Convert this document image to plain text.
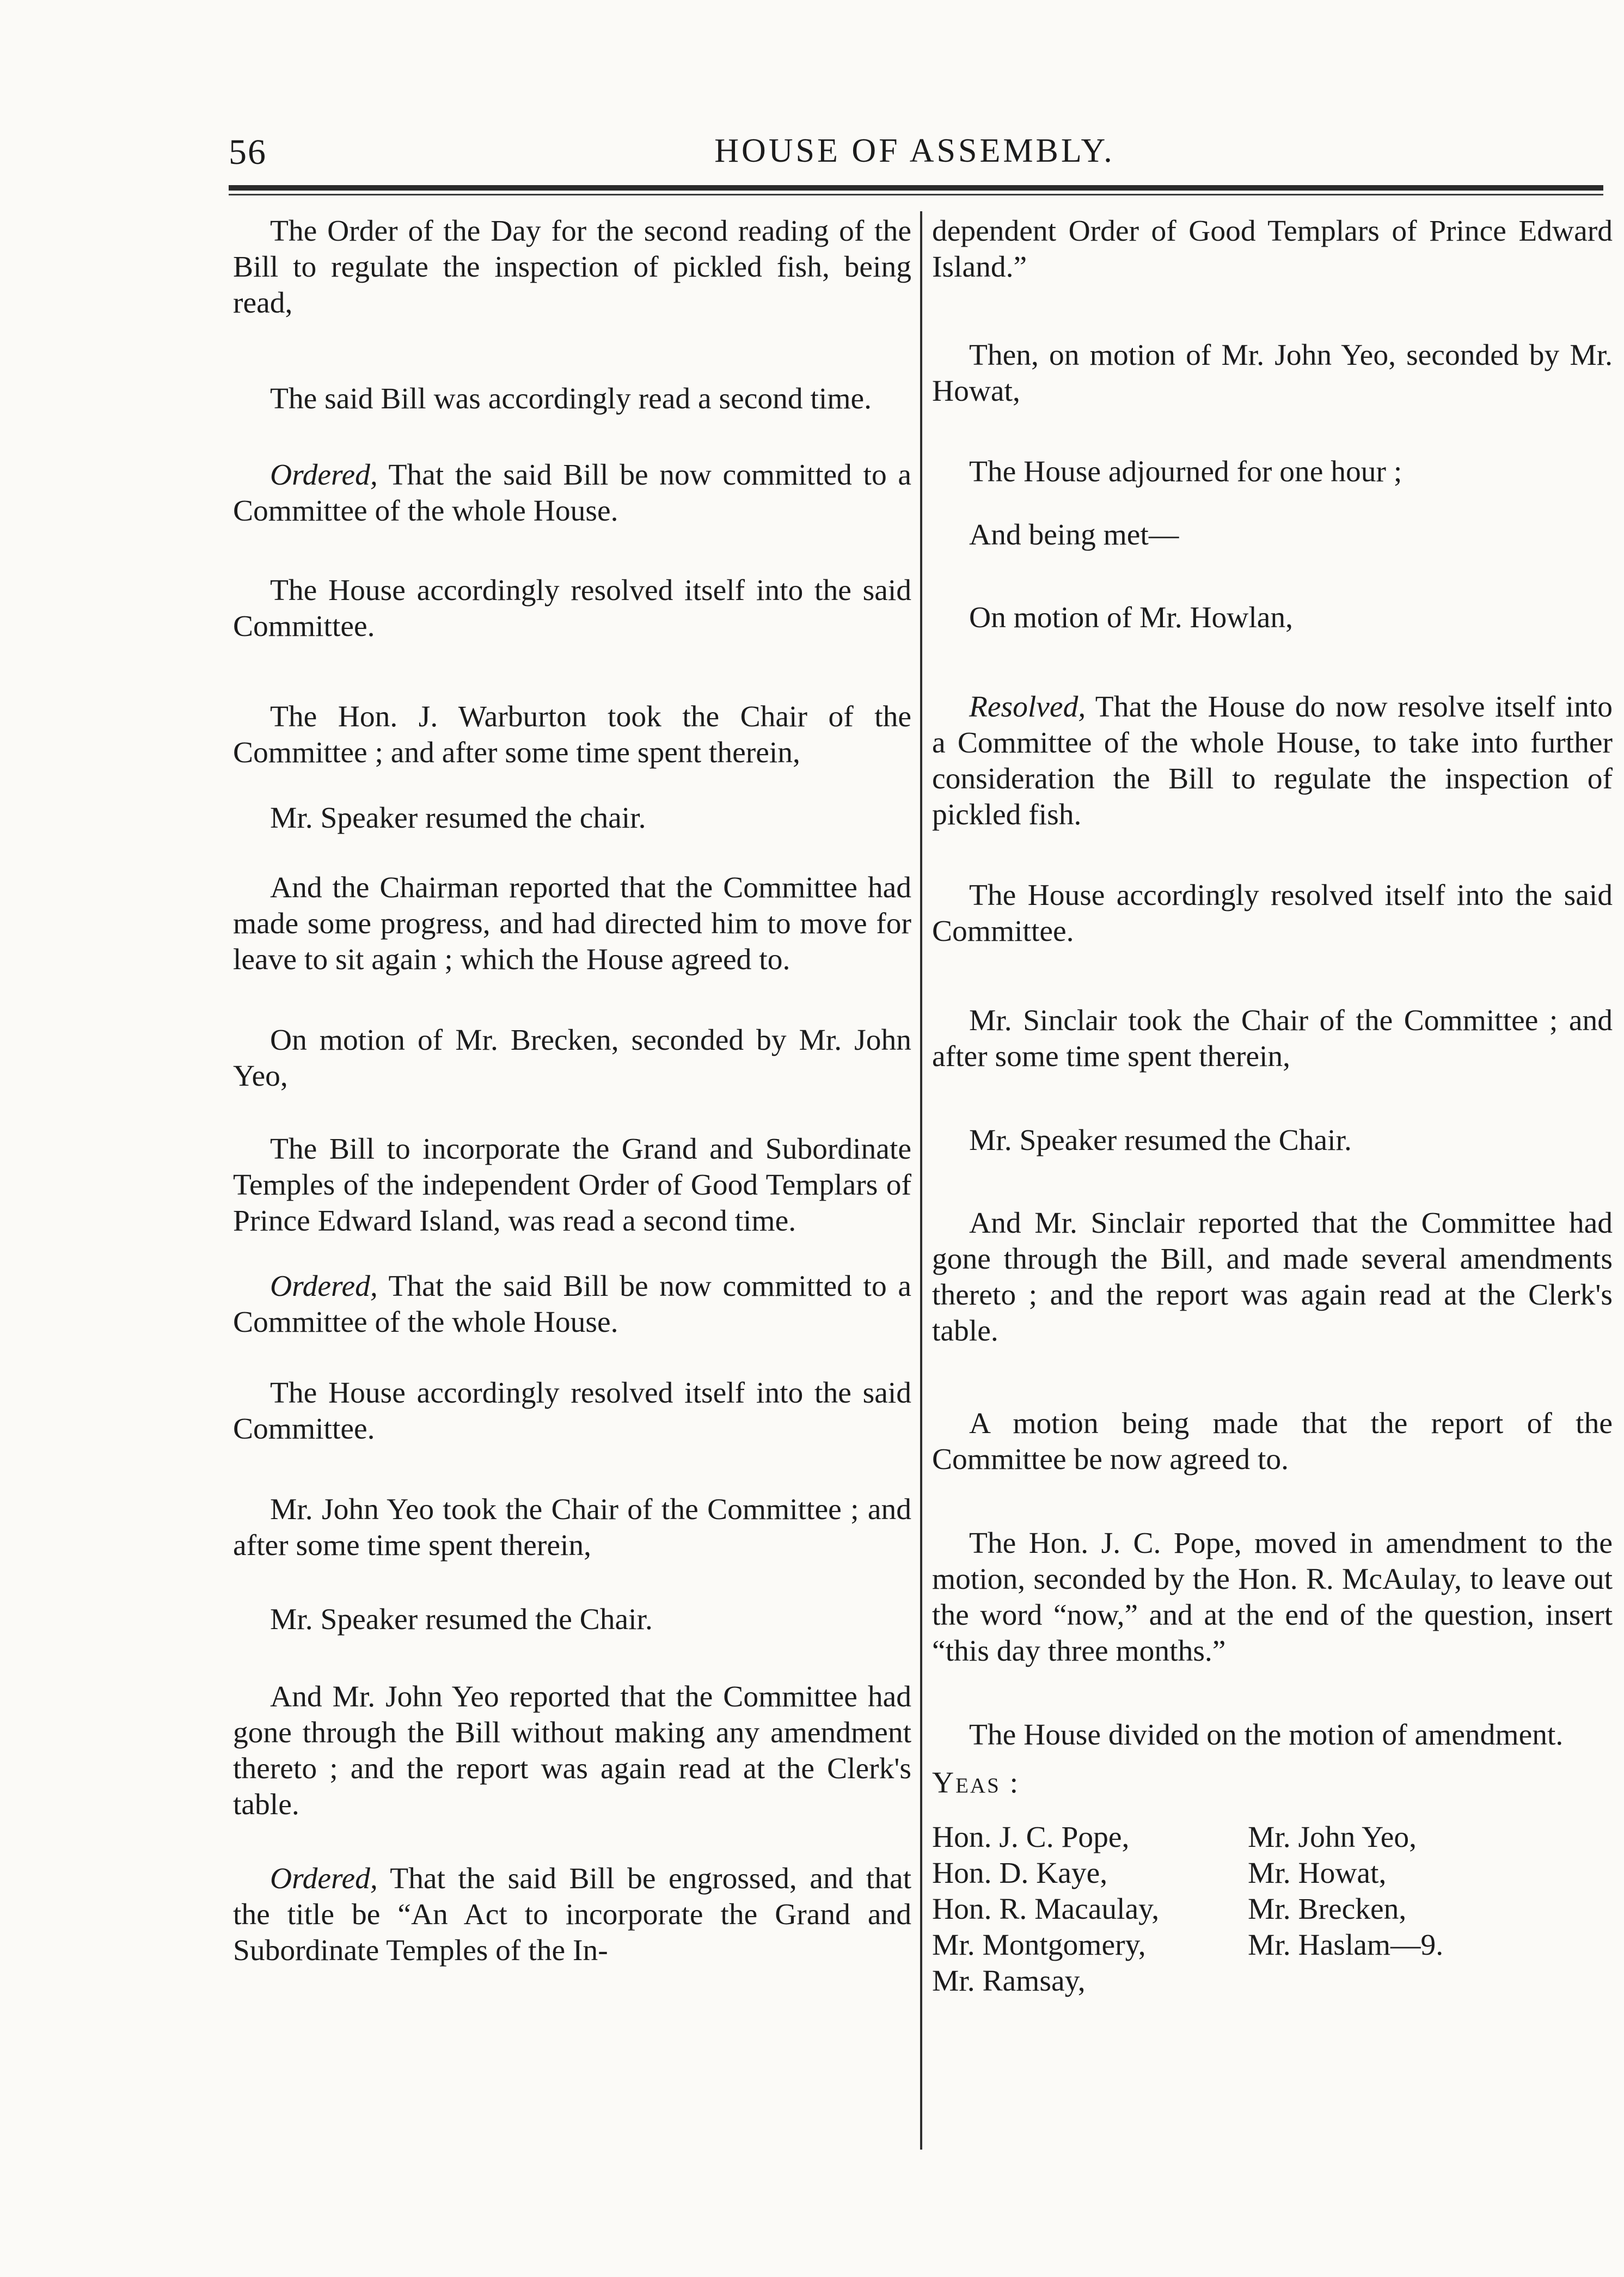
56	HOUSE OF ASSEMBLY.

The Order of the Day for the second reading of the Bill to regulate the inspection of pickled fish, being read,

The said Bill was accordingly read a second time.

Ordered, That the said Bill be now committed to a Committee of the whole House.

The House accordingly resolved itself into the said Committee.

The Hon. J. Warburton took the Chair of the Committee ; and after some time spent therein,

Mr. Speaker resumed the chair.

And the Chairman reported that the Committee had made some progress, and had directed him to move for leave to sit again ; which the House agreed to.

On motion of Mr. Brecken, seconded by Mr. John Yeo,

The Bill to incorporate the Grand and Subordinate Temples of the independent Order of Good Templars of Prince Edward Island, was read a second time.

Ordered, That the said Bill be now committed to a Committee of the whole House.

The House accordingly resolved itself into the said Committee.

Mr. John Yeo took the Chair of the Committee ; and after some time spent therein,

Mr. Speaker resumed the Chair.

And Mr. John Yeo reported that the Committee had gone through the Bill without making any amendment thereto ; and the report was again read at the Clerk's table.

Ordered, That the said Bill be engrossed, and that the title be “An Act to incorporate the Grand and Subordinate Temples of the In-

dependent Order of Good Templars of Prince Edward Island.”

Then, on motion of Mr. John Yeo, seconded by Mr. Howat,

The House adjourned for one hour ;

And being met—

On motion of Mr. Howlan,

Resolved, That the House do now resolve itself into a Committee of the whole House, to take into further consideration the Bill to regulate the inspection of pickled fish.

The House accordingly resolved itself into the said Committee.

Mr. Sinclair took the Chair of the Committee ; and after some time spent therein,

Mr. Speaker resumed the Chair.

And Mr. Sinclair reported that the Committee had gone through the Bill, and made several amendments thereto ; and the report was again read at the Clerk's table.

A motion being made that the report of the Committee be now agreed to.

The Hon. J. C. Pope, moved in amendment to the motion, seconded by the Hon. R. McAulay, to leave out the word “now,” and at the end of the question, insert “this day three months.”

The House divided on the motion of amendment.

Yeas :

Hon. J. C. Pope,	Mr. John Yeo,
Hon. D. Kaye,	Mr. Howat,
Hon. R. Macaulay,	Mr. Brecken,
Mr. Montgomery,	Mr. Haslam—9.
Mr. Ramsay,
